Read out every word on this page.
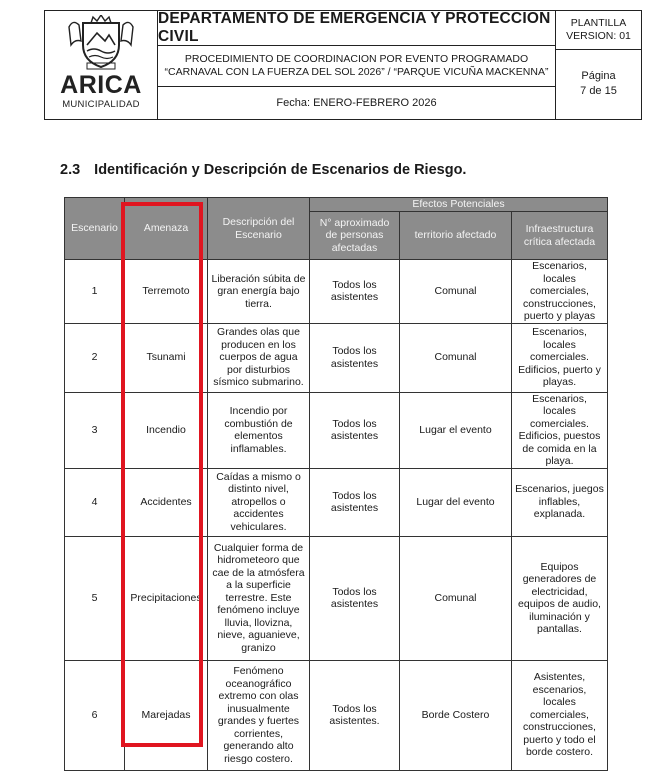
ARICA
MUNICIPALIDAD
DEPARTAMENTO DE EMERGENCIA Y PROTECCION CIVIL
PROCEDIMIENTO DE COORDINACION POR EVENTO PROGRAMADO
“CARNAVAL CON LA FUERZA DEL SOL 2026” / “PARQUE VICUÑA MACKENNA”
Fecha: ENERO-FEBRERO 2026
PLANTILLA
VERSION: 01
Página
7 de 15
2.3 Identificación y Descripción de Escenarios de Riesgo.
Escenario	Amenaza	Descripción del Escenario	Efectos Potenciales		
			N° aproximado de personas afectadas	territorio afectado	Infraestructura crítica afectada
1	Terremoto	Liberación súbita de gran energía bajo tierra.	Todos los asistentes	Comunal	Escenarios, locales comerciales, construcciones, puerto y playas
2	Tsunami	Grandes olas que producen en los cuerpos de agua por disturbios sísmico submarino.	Todos los asistentes	Comunal	Escenarios, locales comerciales. Edificios, puerto y playas.
3	Incendio	Incendio por combustión de elementos inflamables.	Todos los asistentes	Lugar el evento	Escenarios, locales comerciales. Edificios, puestos de comida en la playa.
4	Accidentes	Caídas a mismo o distinto nivel, atropellos o accidentes vehiculares.	Todos los asistentes	Lugar del evento	Escenarios, juegos inflables, explanada.
5	Precipitaciones	Cualquier forma de hidrometeoro que cae de la atmósfera a la superficie terrestre. Este fenómeno incluye lluvia, llovizna, nieve, aguanieve, granizo	Todos los asistentes	Comunal	Equipos generadores de electricidad, equipos de audio, iluminación y pantallas.
6	Marejadas	Fenómeno oceanográfico extremo con olas inusualmente grandes y fuertes corrientes, generando alto riesgo costero.	Todos los asistentes.	Borde Costero	Asistentes, escenarios, locales comerciales, construcciones, puerto y todo el borde costero.
